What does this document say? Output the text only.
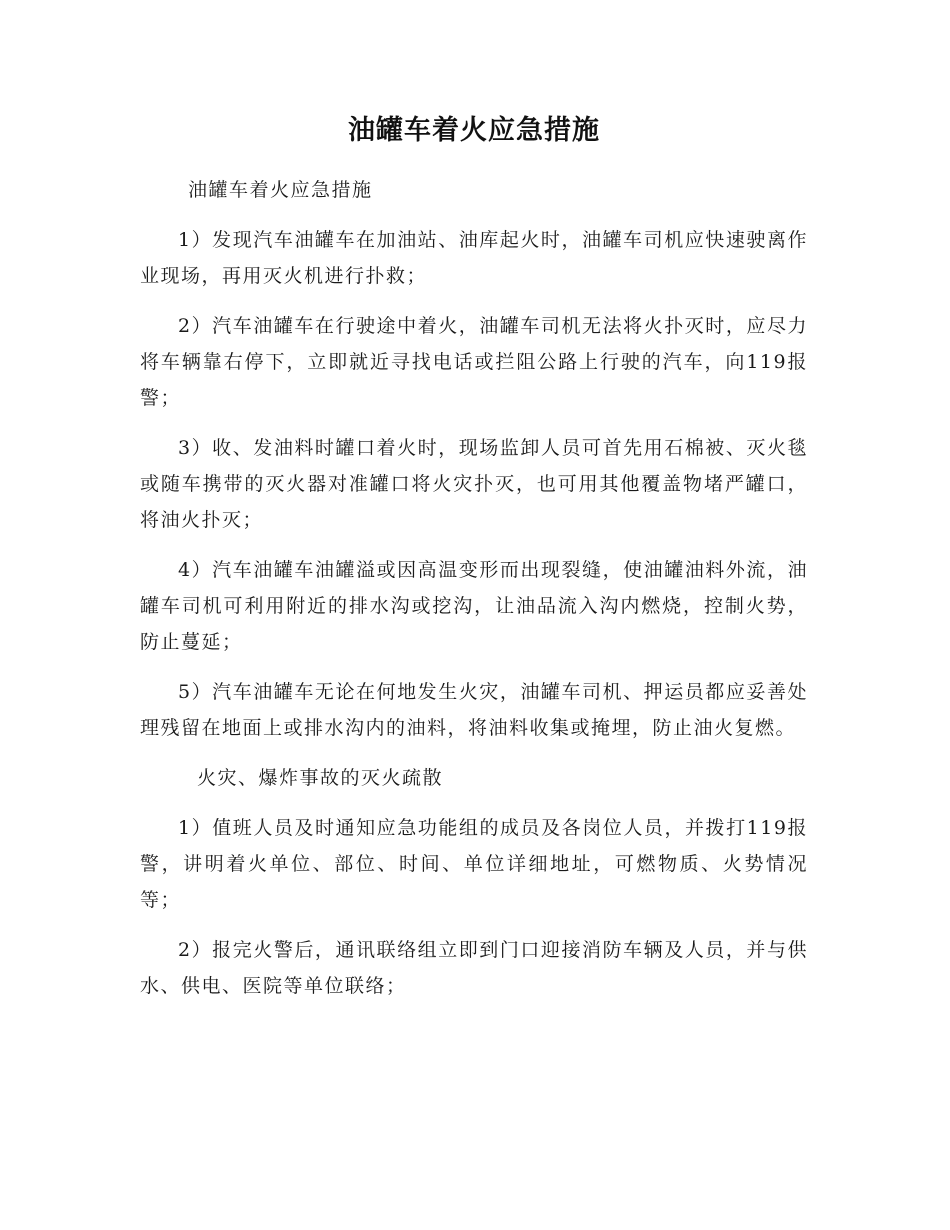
油罐车着火应急措施

油罐车着火应急措施

1）发现汽车油罐车在加油站、油库起火时，油罐车司机应快速驶离作业现场，再用灭火机进行扑救；

2）汽车油罐车在行驶途中着火，油罐车司机无法将火扑灭时，应尽力将车辆靠右停下，立即就近寻找电话或拦阻公路上行驶的汽车，向119报警；

3）收、发油料时罐口着火时，现场监卸人员可首先用石棉被、灭火毯或随车携带的灭火器对准罐口将火灾扑灭，也可用其他覆盖物堵严罐口，将油火扑灭；

4）汽车油罐车油罐溢或因高温变形而出现裂缝，使油罐油料外流，油罐车司机可利用附近的排水沟或挖沟，让油品流入沟内燃烧，控制火势，防止蔓延；

5）汽车油罐车无论在何地发生火灾，油罐车司机、押运员都应妥善处理残留在地面上或排水沟内的油料，将油料收集或掩埋，防止油火复燃。

火灾、爆炸事故的灭火疏散

1）值班人员及时通知应急功能组的成员及各岗位人员，并拨打119报警，讲明着火单位、部位、时间、单位详细地址，可燃物质、火势情况等；

2）报完火警后，通讯联络组立即到门口迎接消防车辆及人员，并与供水、供电、医院等单位联络；
